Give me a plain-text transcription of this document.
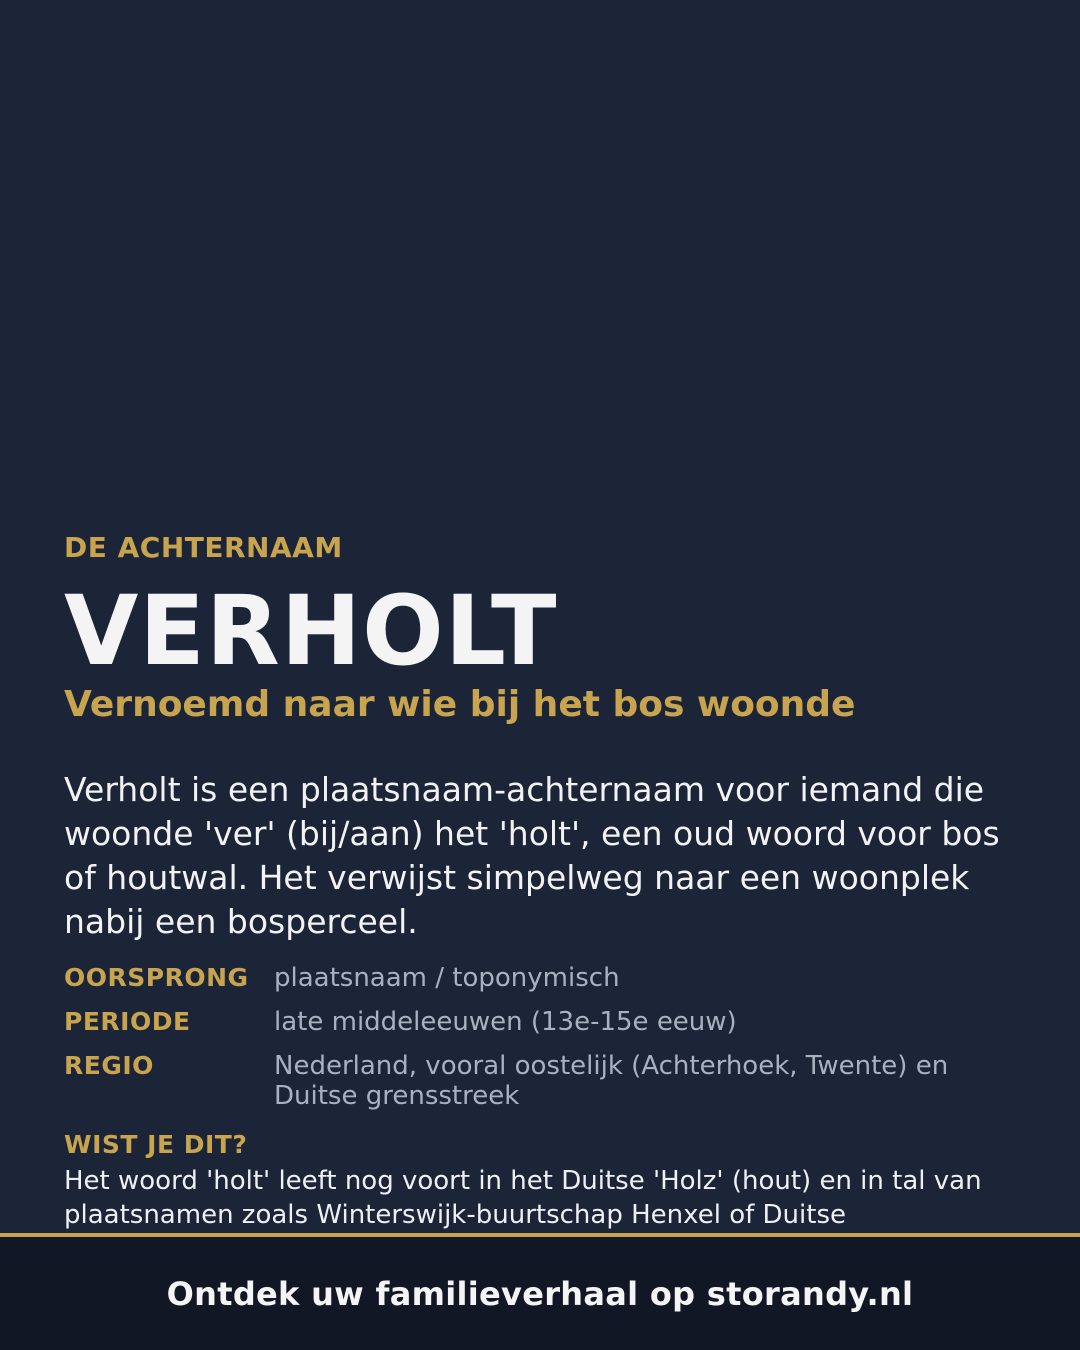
DE ACHTERNAAM
VERHOLT
Vernoemd naar wie bij het bos woonde
Verholt is een plaatsnaam-achternaam voor iemand die woonde 'ver' (bij/aan) het 'holt', een oud woord voor bos of houtwal. Het verwijst simpelweg naar een woonplek nabij een bosperceel.
OORSPRONG plaatsnaam / toponymisch
PERIODE	late middeleeuwen (13e-15e eeuw)
REGIO	Nederland, vooral oostelijk (Achterhoek, Twente) en Duitse grensstreek
WIST JE DIT?
Het woord 'holt' leeft nog voort in het Duitse 'Holz' (hout) en in tal van plaatsnamen zoals Winterswijk-buurtschap Henxel of Duitse
Ontdek uw familieverhaal op storandy.nl
